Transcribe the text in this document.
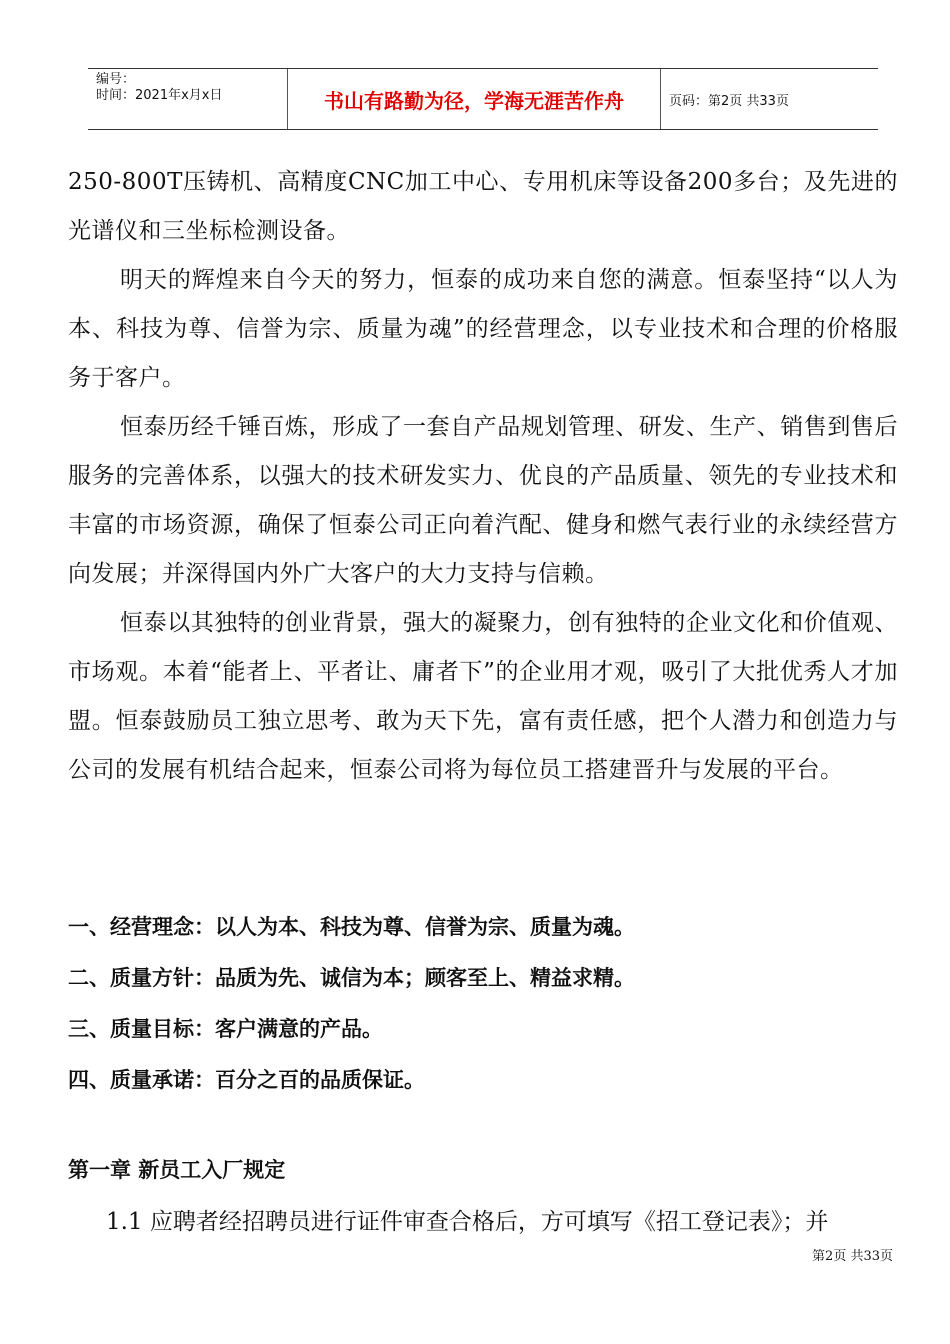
编号：
时间：2021年x月x日	书山有路勤为径，学海无涯苦作舟	页码：第2页 共33页

250-800T压铸机、高精度CNC加工中心、专用机床等设备200多台；及先进的光谱仪和三坐标检测设备。

明天的辉煌来自今天的努力，恒泰的成功来自您的满意。恒泰坚持“以人为本、科技为尊、信誉为宗、质量为魂”的经营理念，以专业技术和合理的价格服务于客户。

恒泰历经千锤百炼，形成了一套自产品规划管理、研发、生产、销售到售后服务的完善体系，以强大的技术研发实力、优良的产品质量、领先的专业技术和丰富的市场资源，确保了恒泰公司正向着汽配、健身和燃气表行业的永续经营方向发展；并深得国内外广大客户的大力支持与信赖。

恒泰以其独特的创业背景，强大的凝聚力，创有独特的企业文化和价值观、市场观。本着“能者上、平者让、庸者下”的企业用才观，吸引了大批优秀人才加盟。恒泰鼓励员工独立思考、敢为天下先，富有责任感，把个人潜力和创造力与公司的发展有机结合起来，恒泰公司将为每位员工搭建晋升与发展的平台。

一、经营理念：以人为本、科技为尊、信誉为宗、质量为魂。

二、质量方针：品质为先、诚信为本；顾客至上、精益求精。

三、质量目标：客户满意的产品。

四、质量承诺：百分之百的品质保证。

第一章 新员工入厂规定

1.1 应聘者经招聘员进行证件审查合格后，方可填写《招工登记表》；并

第2页 共33页
